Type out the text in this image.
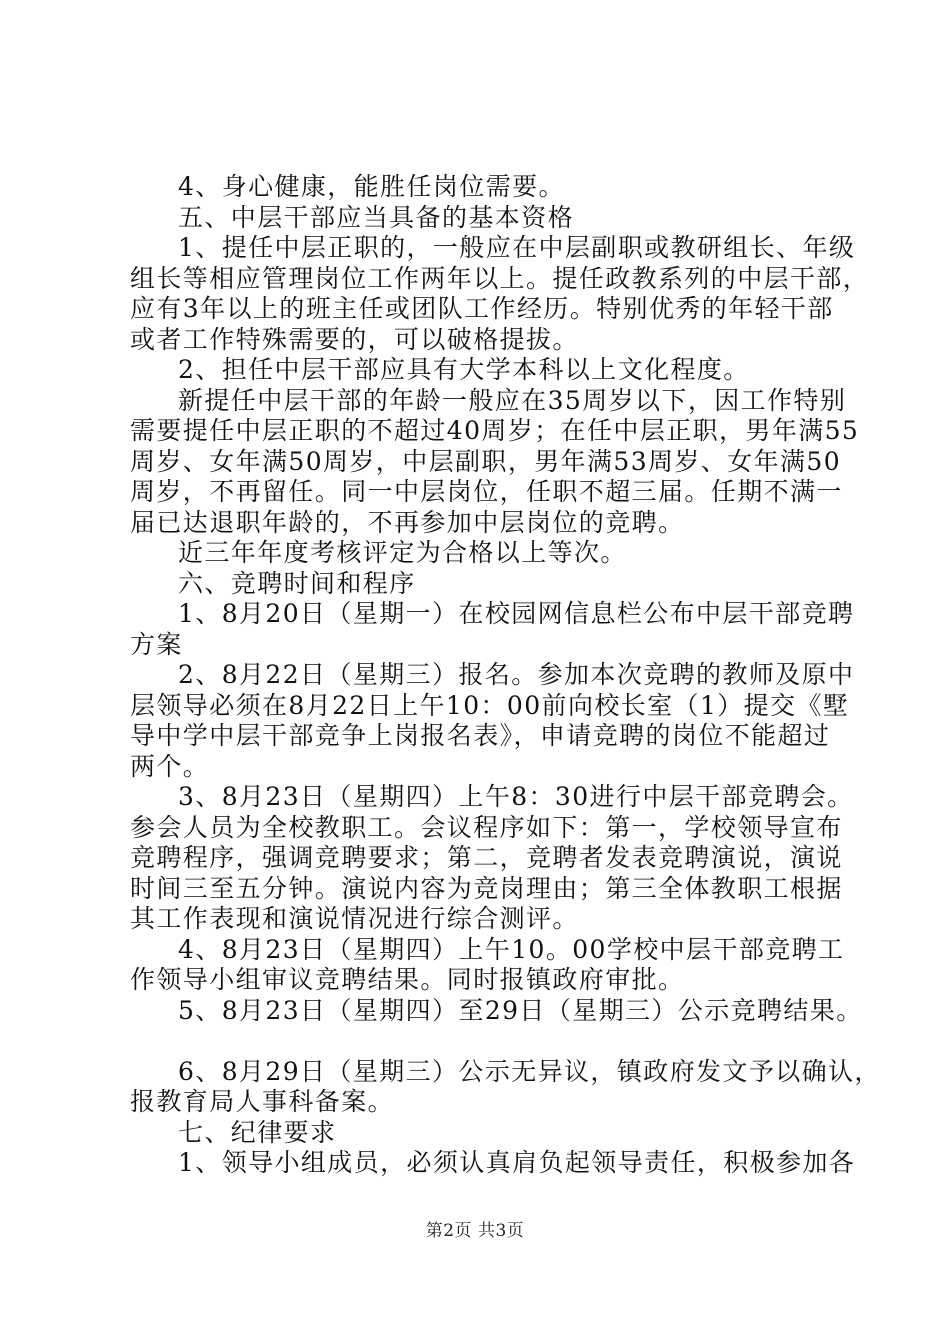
4、身心健康，能胜任岗位需要。

五、中层干部应当具备的基本资格

1、提任中层正职的，一般应在中层副职或教研组长、年级

组长等相应管理岗位工作两年以上。提任政教系列的中层干部，

应有3年以上的班主任或团队工作经历。特别优秀的年轻干部

或者工作特殊需要的，可以破格提拔。

2、担任中层干部应具有大学本科以上文化程度。

新提任中层干部的年龄一般应在35周岁以下，因工作特别

需要提任中层正职的不超过40周岁；在任中层正职，男年满55

周岁、女年满50周岁，中层副职，男年满53周岁、女年满50

周岁，不再留任。同一中层岗位，任职不超三届。任期不满一

届已达退职年龄的，不再参加中层岗位的竞聘。

近三年年度考核评定为合格以上等次。

六、竞聘时间和程序

1、8月20日（星期一）在校园网信息栏公布中层干部竞聘

方案

2、8月22日（星期三）报名。参加本次竞聘的教师及原中

层领导必须在8月22日上午10：00前向校长室（1）提交《墅

导中学中层干部竞争上岗报名表》，申请竞聘的岗位不能超过

两个。

3、8月23日（星期四）上午8：30进行中层干部竞聘会。

参会人员为全校教职工。会议程序如下：第一，学校领导宣布

竞聘程序，强调竞聘要求；第二，竞聘者发表竞聘演说，演说

时间三至五分钟。演说内容为竞岗理由；第三全体教职工根据

其工作表现和演说情况进行综合测评。

4、8月23日（星期四）上午10。00学校中层干部竞聘工

作领导小组审议竞聘结果。同时报镇政府审批。

5、8月23日（星期四）至29日（星期三）公示竞聘结果。

6、8月29日（星期三）公示无异议，镇政府发文予以确认，

报教育局人事科备案。

七、纪律要求

1、领导小组成员，必须认真肩负起领导责任，积极参加各

第2页 共3页
